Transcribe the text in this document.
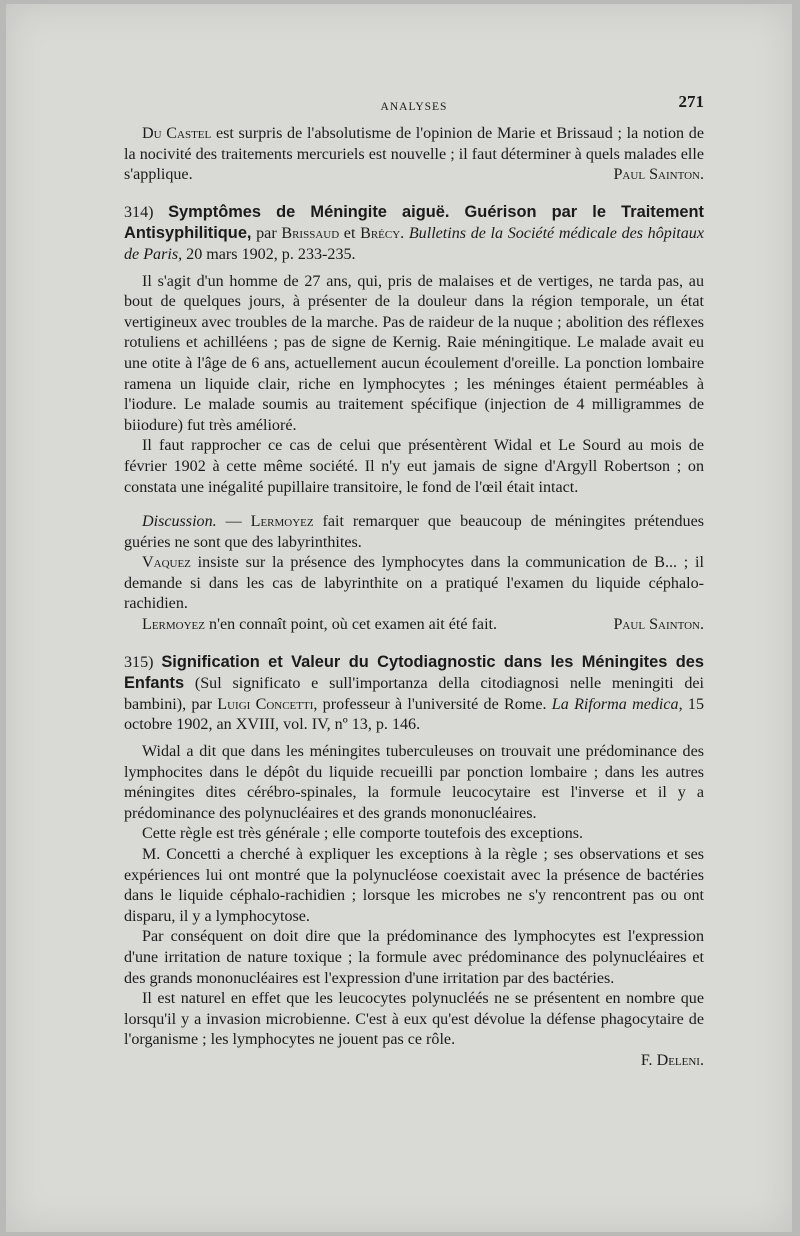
ANALYSES	271

Du Castel est surpris de l'absolutisme de l'opinion de Marie et Brissaud ; la notion de la nocivité des traitements mercuriels est nouvelle ; il faut déterminer à quels malades elle s'applique.	Paul Sainton.

314) Symptômes de Méningite aiguë. Guérison par le Traitement Antisyphilitique, par Brissaud et Brécy. Bulletins de la Société médicale des hôpitaux de Paris, 20 mars 1902, p. 233-235.

Il s'agit d'un homme de 27 ans, qui, pris de malaises et de vertiges, ne tarda pas, au bout de quelques jours, à présenter de la douleur dans la région temporale, un état vertigineux avec troubles de la marche. Pas de raideur de la nuque ; abolition des réflexes rotuliens et achilléens ; pas de signe de Kernig. Raie méningitique. Le malade avait eu une otite à l'âge de 6 ans, actuellement aucun écoulement d'oreille. La ponction lombaire ramena un liquide clair, riche en lymphocytes ; les méninges étaient perméables à l'iodure. Le malade soumis au traitement spécifique (injection de 4 milligrammes de biiodure) fut très amélioré.

Il faut rapprocher ce cas de celui que présentèrent Widal et Le Sourd au mois de février 1902 à cette même société. Il n'y eut jamais de signe d'Argyll Robertson ; on constata une inégalité pupillaire transitoire, le fond de l'œil était intact.

Discussion. — Lermoyez fait remarquer que beaucoup de méningites prétendues guéries ne sont que des labyrinthites.

Vaquez insiste sur la présence des lymphocytes dans la communication de B... ; il demande si dans les cas de labyrinthite on a pratiqué l'examen du liquide céphalo-rachidien.

Lermoyez n'en connaît point, où cet examen ait été fait.	Paul Sainton.

315) Signification et Valeur du Cytodiagnostic dans les Méningites des Enfants (Sul significato e sull'importanza della citodiagnosi nelle meningiti dei bambini), par Luigi Concetti, professeur à l'université de Rome. La Riforma medica, 15 octobre 1902, an XVIII, vol. IV, nº 13, p. 146.

Widal a dit que dans les méningites tuberculeuses on trouvait une prédominance des lymphocites dans le dépôt du liquide recueilli par ponction lombaire ; dans les autres méningites dites cérébro-spinales, la formule leucocytaire est l'inverse et il y a prédominance des polynucléaires et des grands mononucléaires.

Cette règle est très générale ; elle comporte toutefois des exceptions.

M. Concetti a cherché à expliquer les exceptions à la règle ; ses observations et ses expériences lui ont montré que la polynucléose coexistait avec la présence de bactéries dans le liquide céphalo-rachidien ; lorsque les microbes ne s'y rencontrent pas ou ont disparu, il y a lymphocytose.

Par conséquent on doit dire que la prédominance des lymphocytes est l'expression d'une irritation de nature toxique ; la formule avec prédominance des polynucléaires et des grands mononucléaires est l'expression d'une irritation par des bactéries.

Il est naturel en effet que les leucocytes polynucléés ne se présentent en nombre que lorsqu'il y a invasion microbienne. C'est à eux qu'est dévolue la défense phagocytaire de l'organisme ; les lymphocytes ne jouent pas ce rôle.

F. Deleni.
